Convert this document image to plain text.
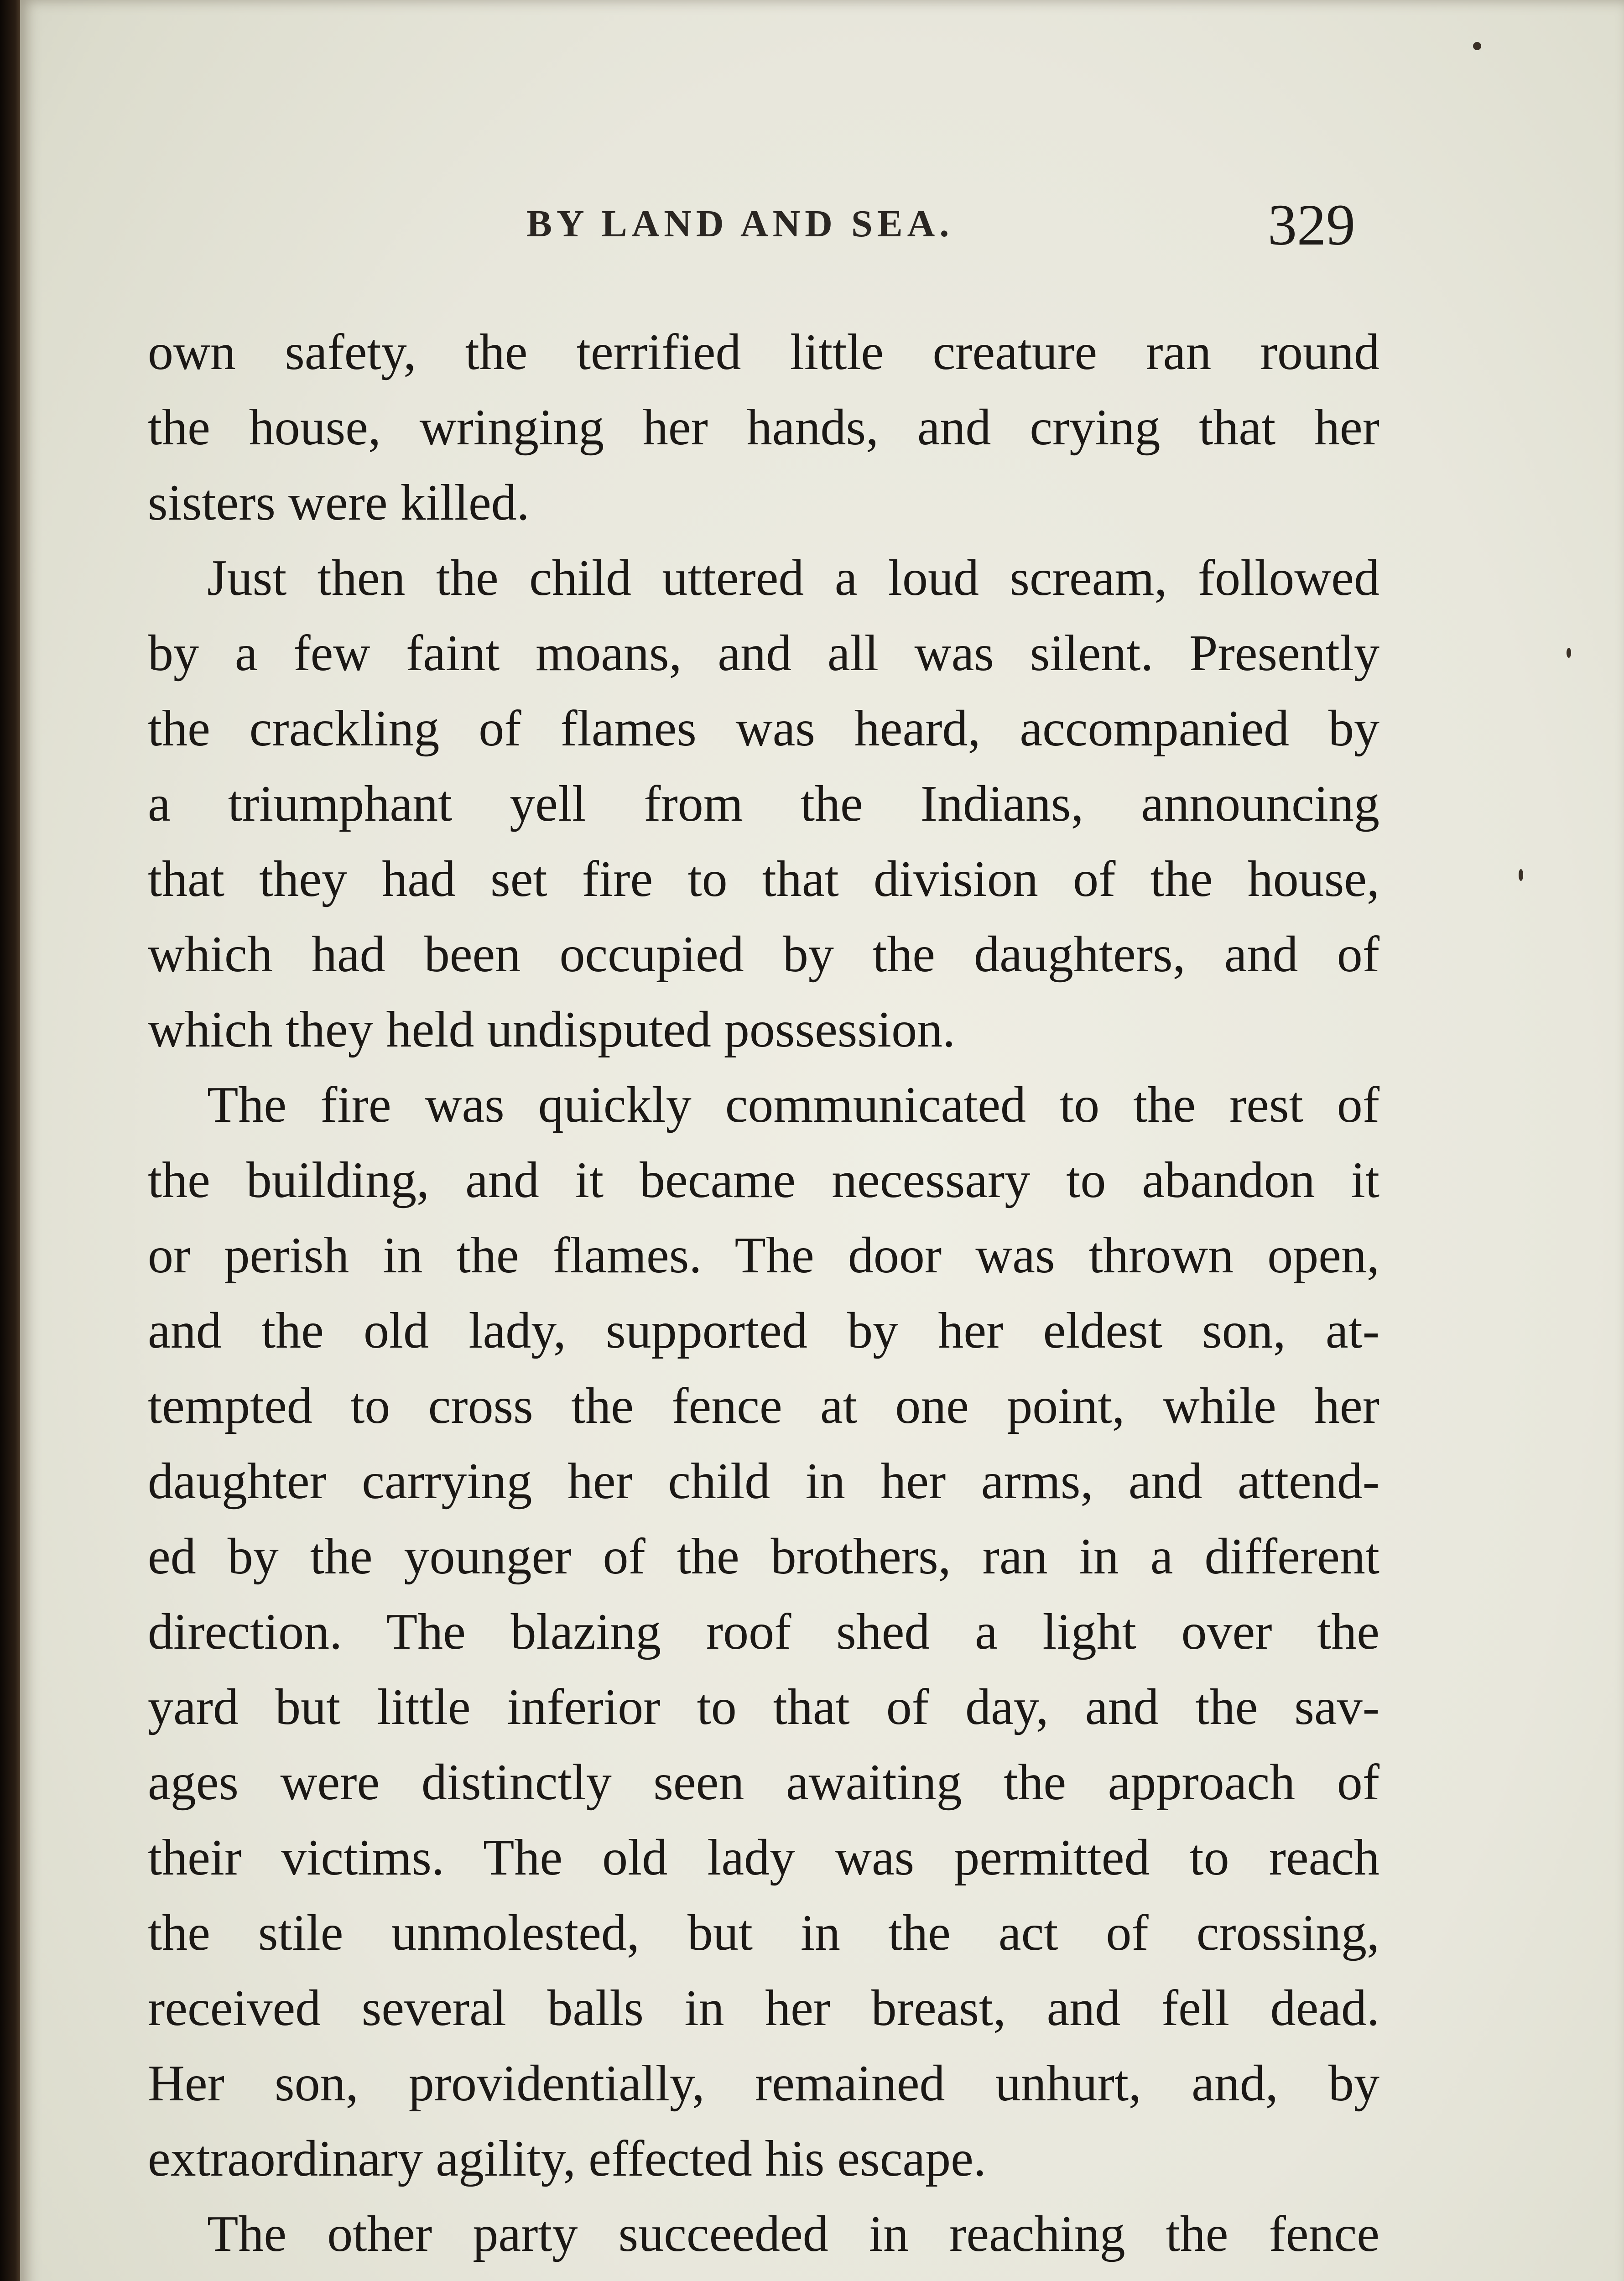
BY LAND AND SEA.	329
own safety, the terrified little creature ran round
the house, wringing her hands, and crying that her
sisters were killed.
Just then the child uttered a loud scream, followed
by a few faint moans, and all was silent. Presently
the crackling of flames was heard, accompanied by
a triumphant yell from the Indians, announcing
that they had set fire to that division of the house,
which had been occupied by the daughters, and of
which they held undisputed possession.
The fire was quickly communicated to the rest of
the building, and it became necessary to abandon it
or perish in the flames. The door was thrown open,
and the old lady, supported by her eldest son, at-
tempted to cross the fence at one point, while her
daughter carrying her child in her arms, and attend-
ed by the younger of the brothers, ran in a different
direction. The blazing roof shed a light over the
yard but little inferior to that of day, and the sav-
ages were distinctly seen awaiting the approach of
their victims. The old lady was permitted to reach
the stile unmolested, but in the act of crossing,
received several balls in her breast, and fell dead.
Her son, providentially, remained unhurt, and, by
extraordinary agility, effected his escape.
The other party succeeded in reaching the fence
